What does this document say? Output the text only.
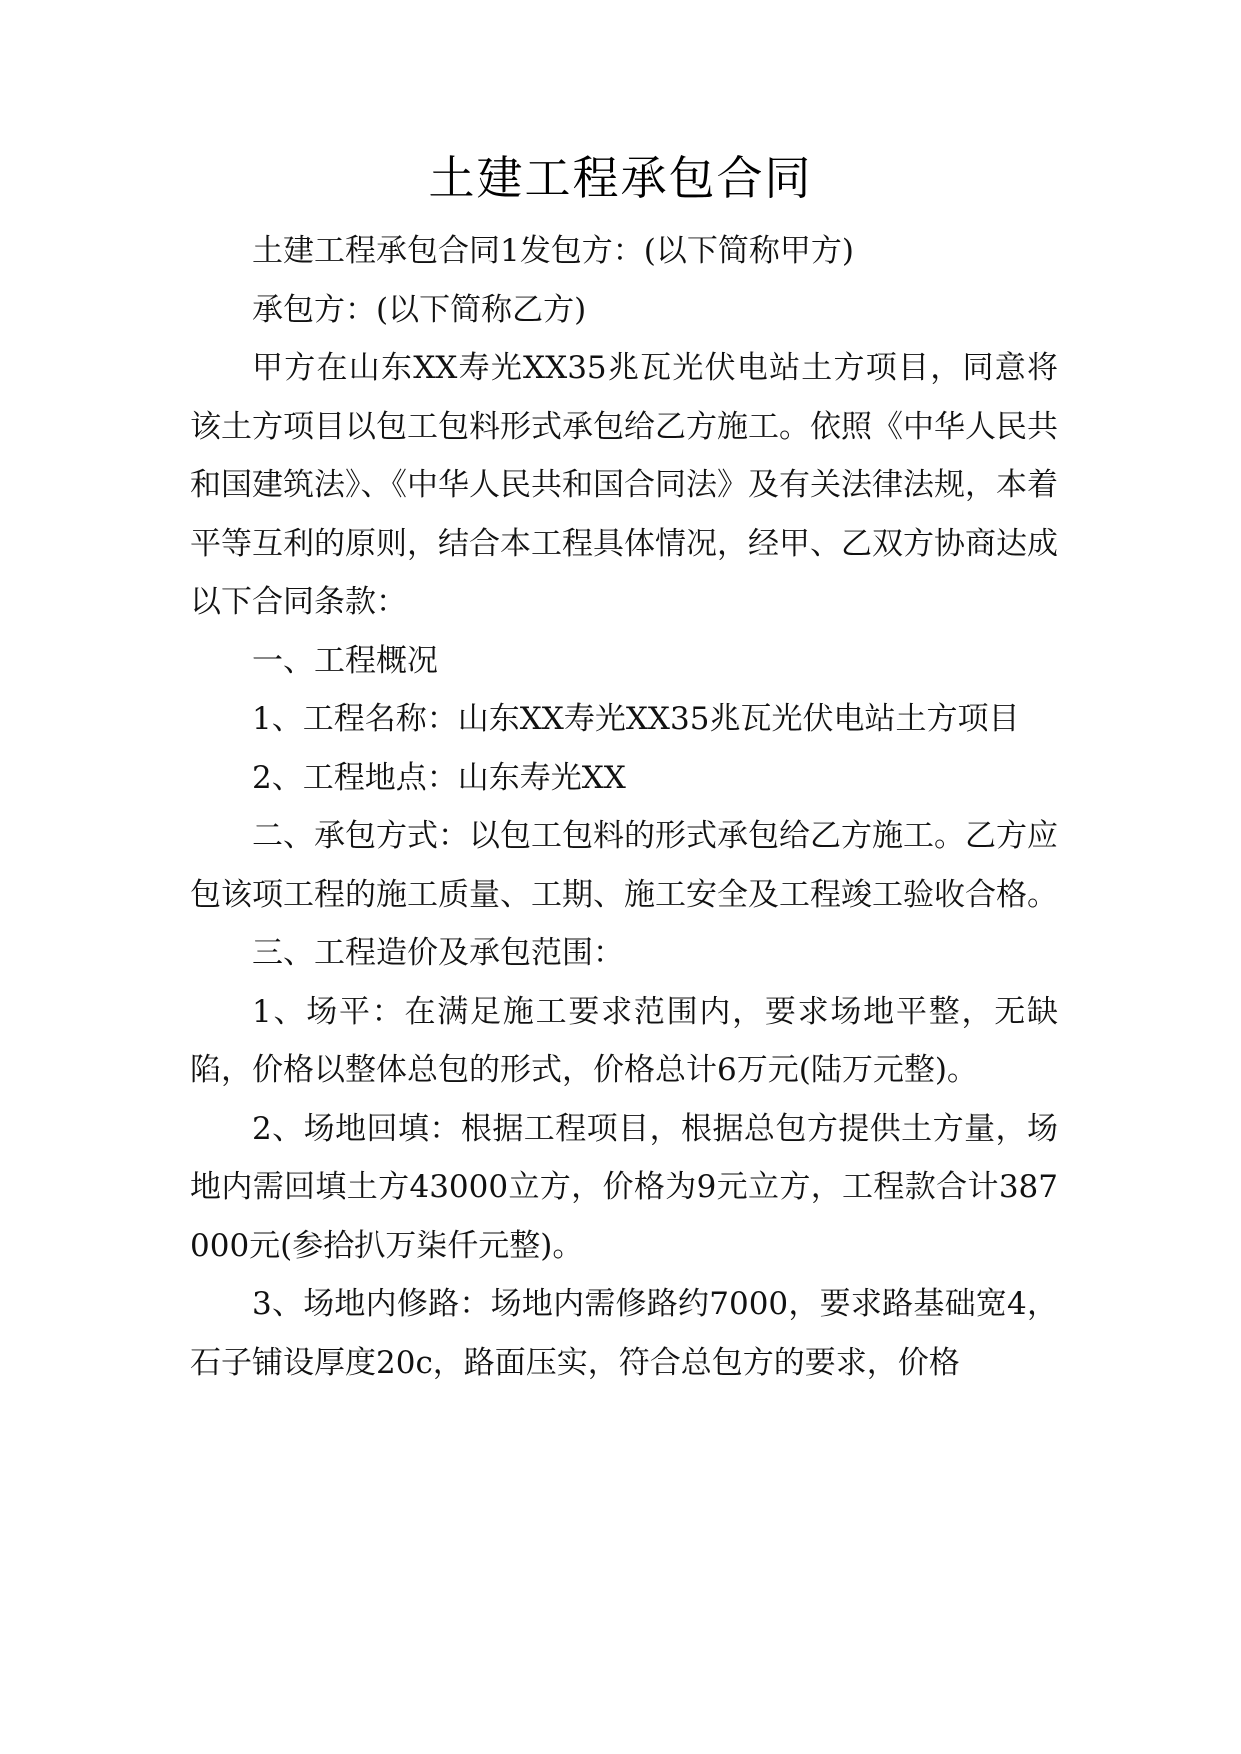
土建工程承包合同

土建工程承包合同1发包方：(以下简称甲方)

承包方：(以下简称乙方)

甲方在山东XX寿光XX35兆瓦光伏电站土方项目，同意将该土方项目以包工包料形式承包给乙方施工。依照《中华人民共和国建筑法》、《中华人民共和国合同法》及有关法律法规，本着平等互利的原则，结合本工程具体情况，经甲、乙双方协商达成以下合同条款：

一、工程概况

1、工程名称：山东XX寿光XX35兆瓦光伏电站土方项目

2、工程地点：山东寿光XX

二、承包方式：以包工包料的形式承包给乙方施工。乙方应包该项工程的施工质量、工期、施工安全及工程竣工验收合格。

三、工程造价及承包范围：

1、场平：在满足施工要求范围内，要求场地平整，无缺陷，价格以整体总包的形式，价格总计6万元(陆万元整)。

2、场地回填：根据工程项目，根据总包方提供土方量，场地内需回填土方43000立方，价格为9元立方，工程款合计387000元(参拾扒万柒仟元整)。

3、场地内修路：场地内需修路约7000，要求路基础宽4，石子铺设厚度20c，路面压实，符合总包方的要求，价格
